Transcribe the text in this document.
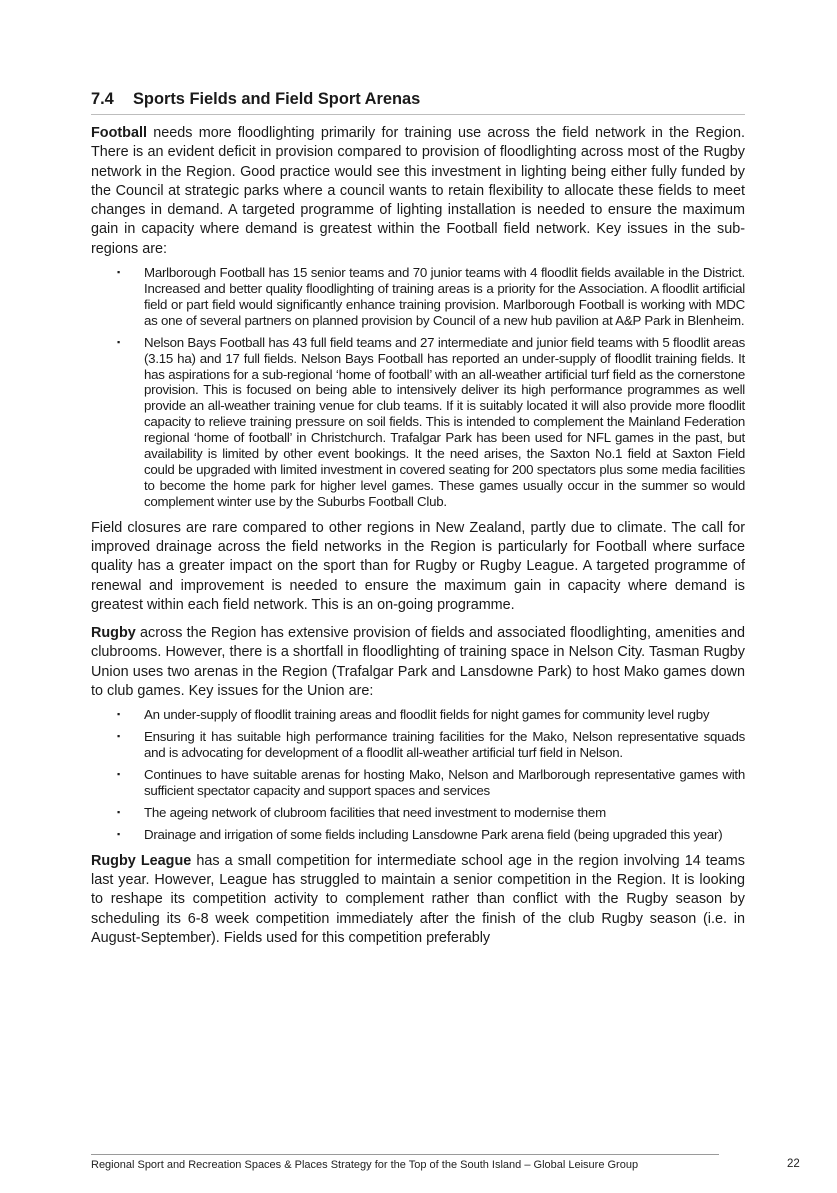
7.4	Sports Fields and Field Sport Arenas

Football needs more floodlighting primarily for training use across the field network in the Region. There is an evident deficit in provision compared to provision of floodlighting across most of the Rugby network in the Region. Good practice would see this investment in lighting being either fully funded by the Council at strategic parks where a council wants to retain flexibility to allocate these fields to meet changes in demand. A targeted programme of lighting installation is needed to ensure the maximum gain in capacity where demand is greatest within the Football field network. Key issues in the sub-regions are:

▪ Marlborough Football has 15 senior teams and 70 junior teams with 4 floodlit fields available in the District. Increased and better quality floodlighting of training areas is a priority for the Association. A floodlit artificial field or part field would significantly enhance training provision. Marlborough Football is working with MDC as one of several partners on planned provision by Council of a new hub pavilion at A&P Park in Blenheim.
▪ Nelson Bays Football has 43 full field teams and 27 intermediate and junior field teams with 5 floodlit areas (3.15 ha) and 17 full fields. Nelson Bays Football has reported an under-supply of floodlit training fields. It has aspirations for a sub-regional ‘home of football’ with an all-weather artificial turf field as the cornerstone provision. This is focused on being able to intensively deliver its high performance programmes as well provide an all-weather training venue for club teams. If it is suitably located it will also provide more floodlit capacity to relieve training pressure on soil fields. This is intended to complement the Mainland Federation regional ‘home of football’ in Christchurch. Trafalgar Park has been used for NFL games in the past, but availability is limited by other event bookings. It the need arises, the Saxton No.1 field at Saxton Field could be upgraded with limited investment in covered seating for 200 spectators plus some media facilities to become the home park for higher level games. These games usually occur in the summer so would complement winter use by the Suburbs Football Club.

Field closures are rare compared to other regions in New Zealand, partly due to climate. The call for improved drainage across the field networks in the Region is particularly for Football where surface quality has a greater impact on the sport than for Rugby or Rugby League. A targeted programme of renewal and improvement is needed to ensure the maximum gain in capacity where demand is greatest within each field network. This is an on-going programme.

Rugby across the Region has extensive provision of fields and associated floodlighting, amenities and clubrooms. However, there is a shortfall in floodlighting of training space in Nelson City. Tasman Rugby Union uses two arenas in the Region (Trafalgar Park and Lansdowne Park) to host Mako games down to club games. Key issues for the Union are:

▪ An under-supply of floodlit training areas and floodlit fields for night games for community level rugby
▪ Ensuring it has suitable high performance training facilities for the Mako, Nelson representative squads and is advocating for development of a floodlit all-weather artificial turf field in Nelson.
▪ Continues to have suitable arenas for hosting Mako, Nelson and Marlborough representative games with sufficient spectator capacity and support spaces and services
▪ The ageing network of clubroom facilities that need investment to modernise them
▪ Drainage and irrigation of some fields including Lansdowne Park arena field (being upgraded this year)

Rugby League has a small competition for intermediate school age in the region involving 14 teams last year. However, League has struggled to maintain a senior competition in the Region. It is looking to reshape its competition activity to complement rather than conflict with the Rugby season by scheduling its 6-8 week competition immediately after the finish of the club Rugby season (i.e. in August-September). Fields used for this competition preferably

Regional Sport and Recreation Spaces & Places Strategy for the Top of the South Island – Global Leisure Group	22
